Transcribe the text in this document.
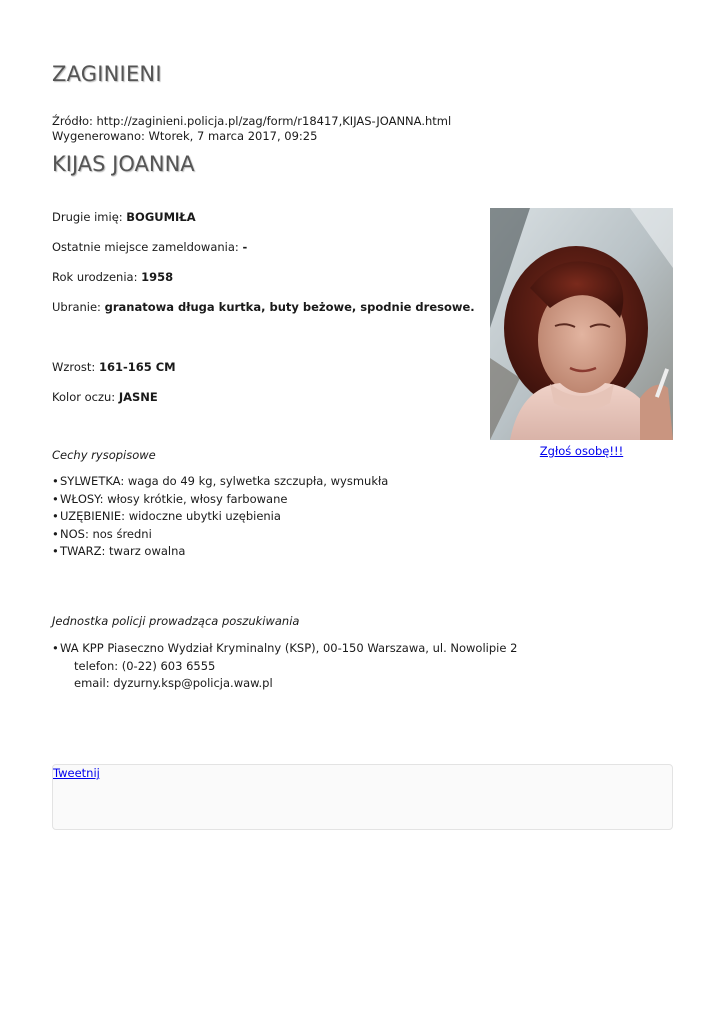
ZAGINIENI
Źródło: http://zaginieni.policja.pl/zag/form/r18417,KIJAS-JOANNA.html
Wygenerowano: Wtorek, 7 marca 2017, 09:25
KIJAS JOANNA
Drugie imię: BOGUMIŁA
Ostatnie miejsce zameldowania: -
Rok urodzenia: 1958
Ubranie: granatowa długa kurtka, buty beżowe, spodnie dresowe.
Wzrost: 161-165 CM
Kolor oczu: JASNE
Zgłoś osobę!!!
Cechy rysopisowe
• SYLWETKA: waga do 49 kg, sylwetka szczupła, wysmukła
• WŁOSY: włosy krótkie, włosy farbowane
• UZĘBIENIE: widoczne ubytki uzębienia
• NOS: nos średni
• TWARZ: twarz owalna
Jednostka policji prowadząca poszukiwania
• WA KPP Piaseczno Wydział Kryminalny (KSP), 00-150 Warszawa, ul. Nowolipie 2
telefon: (0-22) 603 6555
email: dyzurny.ksp@policja.waw.pl
Tweetnij
